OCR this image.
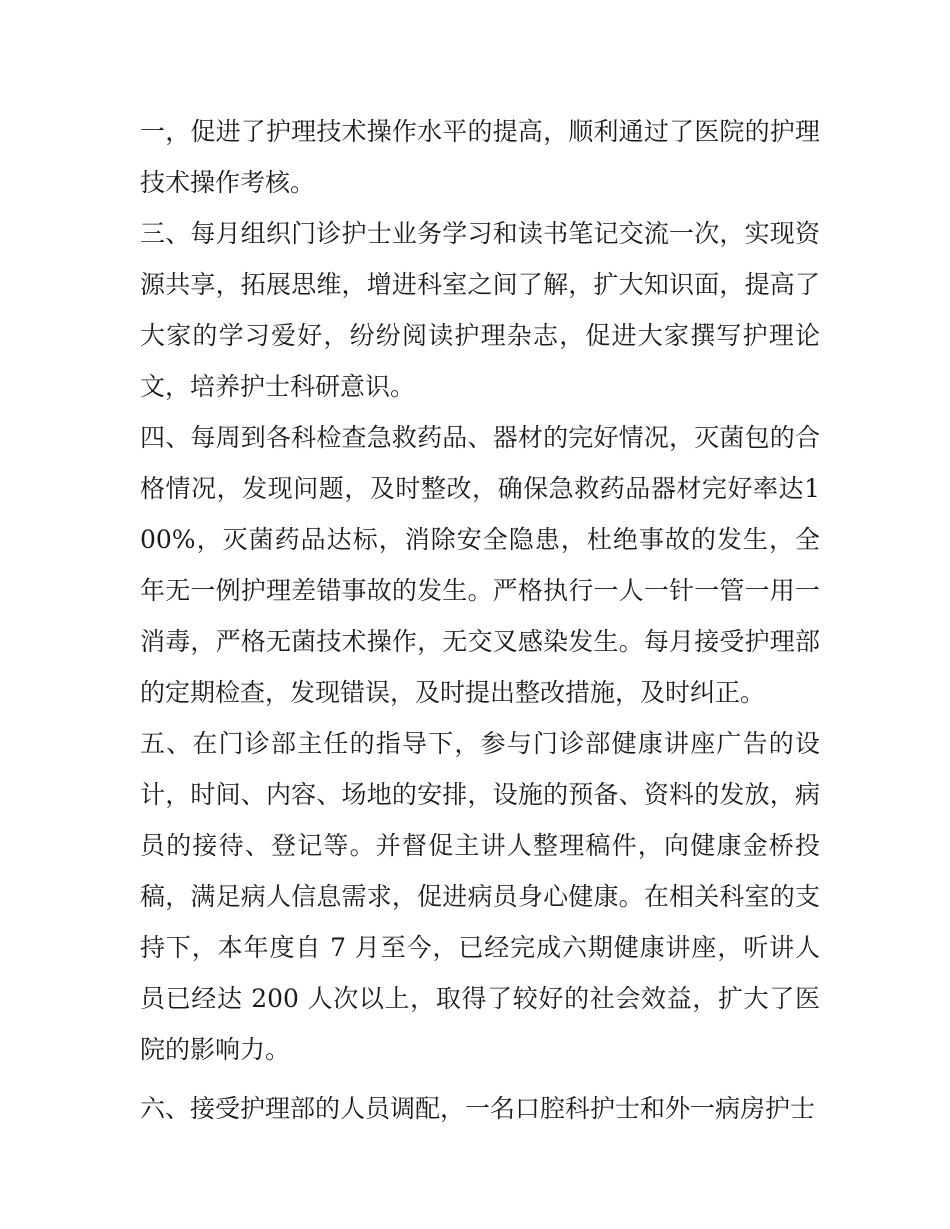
一，促进了护理技术操作水平的提高，顺利通过了医院的护理技术操作考核。

三、每月组织门诊护士业务学习和读书笔记交流一次，实现资源共享，拓展思维，增进科室之间了解，扩大知识面，提高了大家的学习爱好，纷纷阅读护理杂志，促进大家撰写护理论文，培养护士科研意识。

四、每周到各科检查急救药品、器材的完好情况，灭菌包的合格情况，发现问题，及时整改，确保急救药品器材完好率达100%，灭菌药品达标，消除安全隐患，杜绝事故的发生，全年无一例护理差错事故的发生。严格执行一人一针一管一用一消毒，严格无菌技术操作，无交叉感染发生。每月接受护理部的定期检查，发现错误，及时提出整改措施，及时纠正。

五、在门诊部主任的指导下，参与门诊部健康讲座广告的设计，时间、内容、场地的安排，设施的预备、资料的发放，病员的接待、登记等。并督促主讲人整理稿件，向健康金桥投稿，满足病人信息需求，促进病员身心健康。在相关科室的支持下，本年度自 7 月至今，已经完成六期健康讲座，听讲人员已经达 200 人次以上，取得了较好的社会效益，扩大了医院的影响力。

六、接受护理部的人员调配，一名口腔科护士和外一病房护士
